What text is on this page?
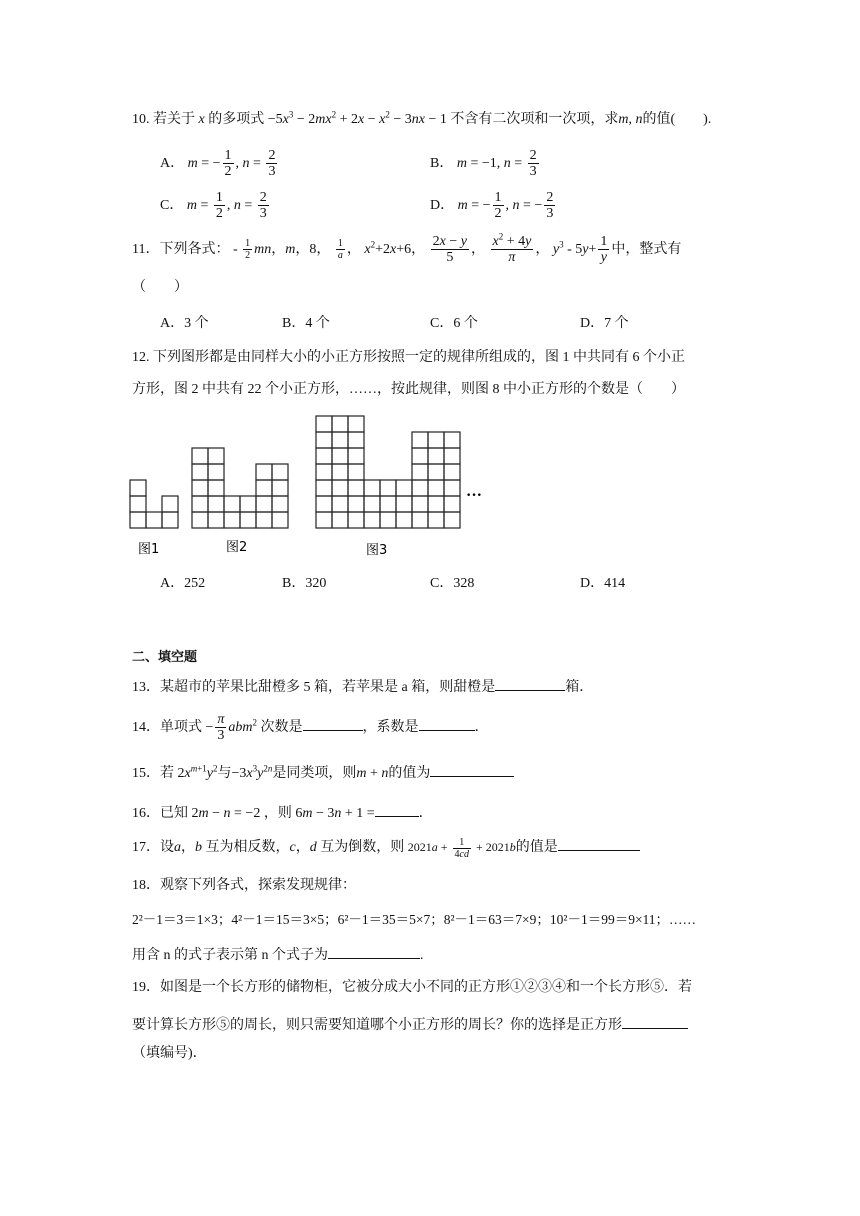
10. 若关于 x 的多项式 $-5x^3 - 2mx^2 + 2x - x^2 - 3nx - 1$ 不含有二次项和一次项，求m, n的值(　　).
A． m = − $\frac{1}{2}$ , $n = \frac{2}{3}$	B． m = −1, $n = \frac{2}{3}$
C． $m = \frac{1}{2}$ , $n = \frac{2}{3}$	D． m = − $\frac{1}{2}$ , n = − $\frac{2}{3}$
11．下列各式： - $\frac{1}{2}$ mn，m，8， $\frac{1}{a}$ ， $x^2+2x+6$， $\frac{2x - y}{5}$ ， $\frac{x^2 + 4y}{\pi}$ ， $y^3 - 5y+ \frac{1}{y}$ 中，整式有
（　　）
A．3 个	B．4 个	C．6 个	D．7 个
12. 下列图形都是由同样大小的小正方形按照一定的规律所组成的，图 1 中共同有 6 个小正
方形，图 2 中共有 22 个小正方形，……，按此规律，则图 8 中小正方形的个数是（　　）
图1	图2	图3
···
A．252	B．320	C．328	D．414
二、填空题
13．某超市的苹果比甜橙多 5 箱，若苹果是 a 箱，则甜橙是	箱．
14．单项式 − $\frac{\pi}{3} abm^2$ 次数是	，系数是	．
15．若 $2x^{m+1}y^2$与$-3x^3y^{2n}$是同类项，则m + n的值为
16．已知 2m − n = −2 ，则 6m − 3n + 1 =	．
17．设a，b 互为相反数，c，d 互为倒数，则 $2021a + \frac{1}{4cd} + 2021b$的值是
18．观察下列各式，探索发现规律：
2²－1＝3＝1×3；4²－1＝15＝3×5；6²－1＝35＝5×7；8²－1＝63＝7×9；10²－1＝99＝9×11；……
用含 n 的式子表示第 n 个式子为	.
19．如图是一个长方形的储物柜，它被分成大小不同的正方形①②③④和一个长方形⑤．若
要计算长方形⑤的周长，则只需要知道哪个小正方形的周长？你的选择是正方形
（填编号)．
